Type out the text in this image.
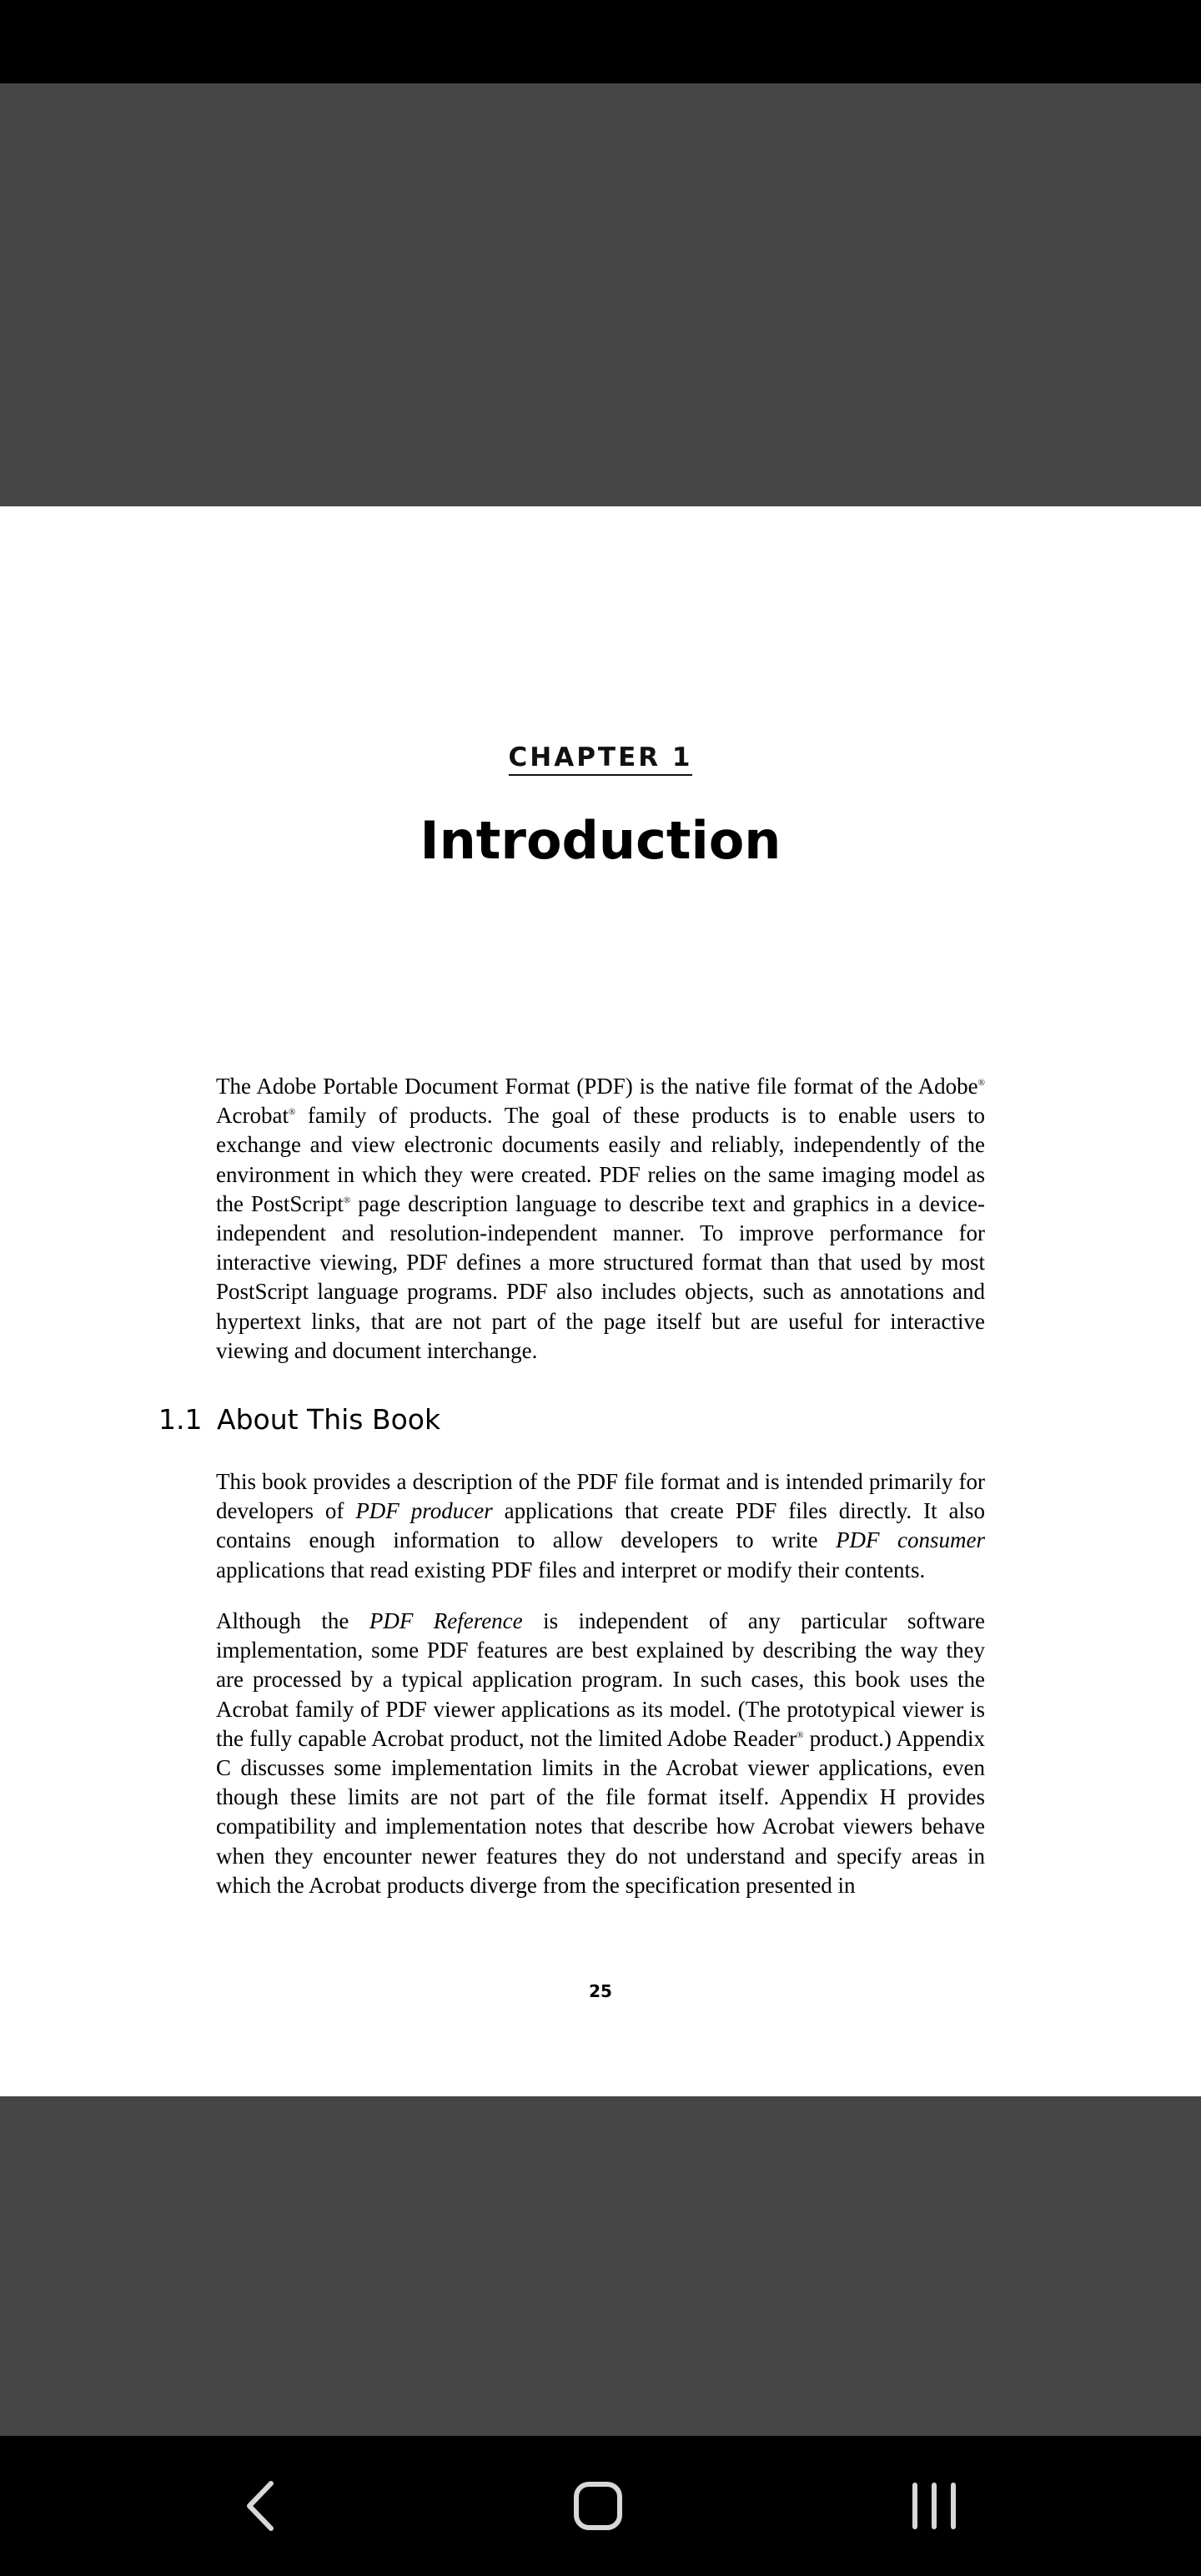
CHAPTER 1
Introduction

The Adobe Portable Document Format (PDF) is the native file format of the Adobe® Acrobat® family of products. The goal of these products is to enable users to exchange and view electronic documents easily and reliably, independently of the environment in which they were created. PDF relies on the same imaging model as the PostScript® page description language to describe text and graphics in a device-independent and resolution-independent manner. To improve performance for interactive viewing, PDF defines a more structured format than that used by most PostScript language programs. PDF also includes objects, such as annotations and hypertext links, that are not part of the page itself but are useful for interactive viewing and document interchange.

1.1 About This Book

This book provides a description of the PDF file format and is intended primarily for developers of PDF producer applications that create PDF files directly. It also contains enough information to allow developers to write PDF consumer applications that read existing PDF files and interpret or modify their contents.

Although the PDF Reference is independent of any particular software implementation, some PDF features are best explained by describing the way they are processed by a typical application program. In such cases, this book uses the Acrobat family of PDF viewer applications as its model. (The prototypical viewer is the fully capable Acrobat product, not the limited Adobe Reader® product.) Appendix C discusses some implementation limits in the Acrobat viewer applications, even though these limits are not part of the file format itself. Appendix H provides compatibility and implementation notes that describe how Acrobat viewers behave when they encounter newer features they do not understand and specify areas in which the Acrobat products diverge from the specification presented in

25
